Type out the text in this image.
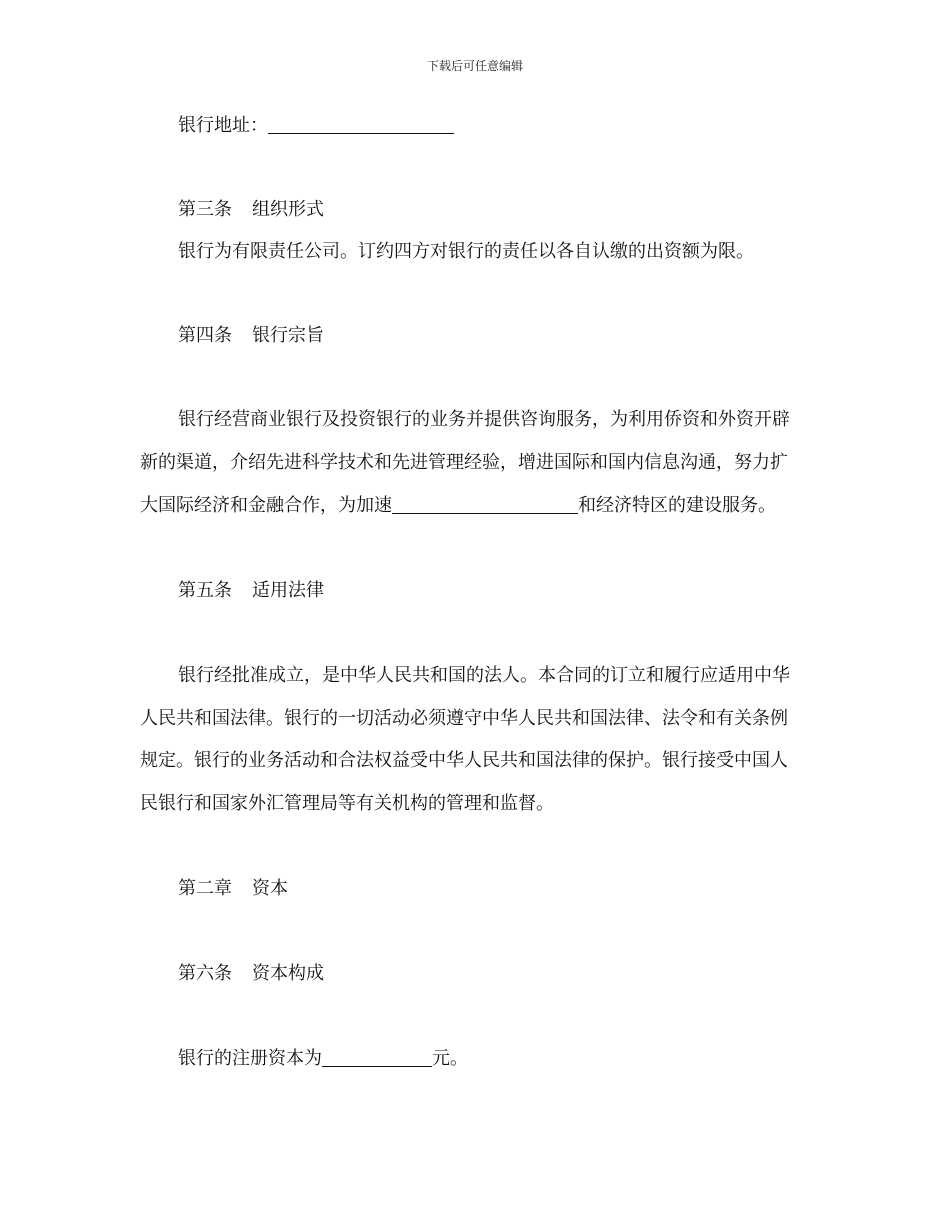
下载后可任意编辑
银行地址：
第三条 组织形式
银行为有限责任公司。订约四方对银行的责任以各自认缴的出资额为限。
第四条 银行宗旨
银行经营商业银行及投资银行的业务并提供咨询服务，为利用侨资和外资开辟
新的渠道，介绍先进科学技术和先进管理经验，增进国际和国内信息沟通，努力扩
大国际经济和金融合作，为加速	和经济特区的建设服务。
第五条 适用法律
银行经批准成立，是中华人民共和国的法人。本合同的订立和履行应适用中华
人民共和国法律。银行的一切活动必须遵守中华人民共和国法律、法令和有关条例
规定。银行的业务活动和合法权益受中华人民共和国法律的保护。银行接受中国人
民银行和国家外汇管理局等有关机构的管理和监督。
第二章 资本
第六条 资本构成
银行的注册资本为	元。
